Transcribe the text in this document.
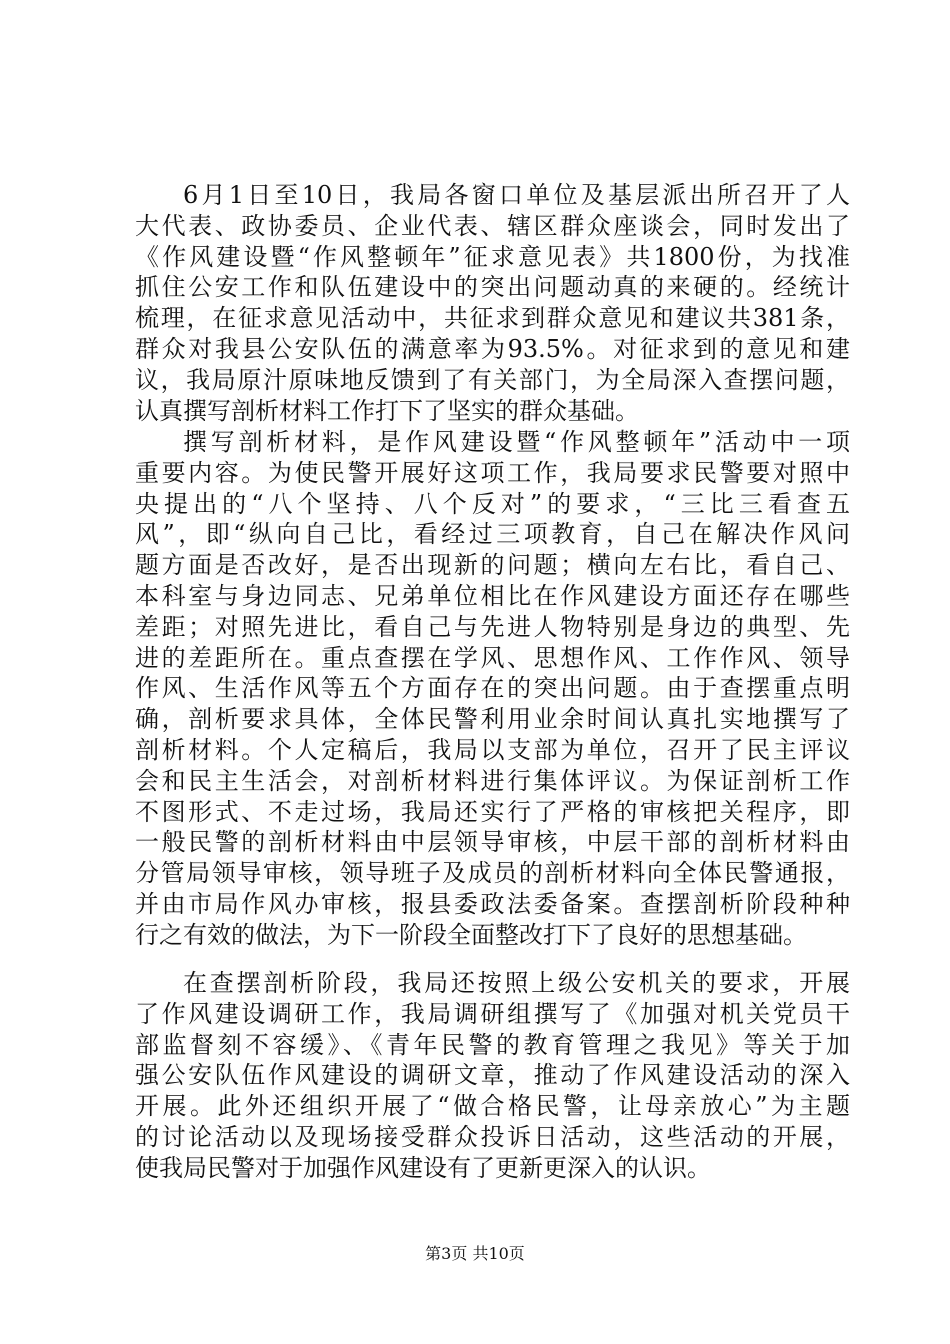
6月1日至10日，我局各窗口单位及基层派出所召开了人
大代表、政协委员、企业代表、辖区群众座谈会，同时发出了
《作风建设暨“作风整顿年”征求意见表》共1800份，为找准
抓住公安工作和队伍建设中的突出问题动真的来硬的。经统计
梳理，在征求意见活动中，共征求到群众意见和建议共381条，
群众对我县公安队伍的满意率为93.5%。对征求到的意见和建
议，我局原汁原味地反馈到了有关部门，为全局深入查摆问题，
认真撰写剖析材料工作打下了坚实的群众基础。
撰写剖析材料，是作风建设暨“作风整顿年”活动中一项
重要内容。为使民警开展好这项工作，我局要求民警要对照中
央提出的“八个坚持、八个反对”的要求，“三比三看查五
风”，即“纵向自己比，看经过三项教育，自己在解决作风问
题方面是否改好，是否出现新的问题；横向左右比，看自己、
本科室与身边同志、兄弟单位相比在作风建设方面还存在哪些
差距；对照先进比，看自己与先进人物特别是身边的典型、先
进的差距所在。重点查摆在学风、思想作风、工作作风、领导
作风、生活作风等五个方面存在的突出问题。由于查摆重点明
确，剖析要求具体，全体民警利用业余时间认真扎实地撰写了
剖析材料。个人定稿后，我局以支部为单位，召开了民主评议
会和民主生活会，对剖析材料进行集体评议。为保证剖析工作
不图形式、不走过场，我局还实行了严格的审核把关程序，即
一般民警的剖析材料由中层领导审核，中层干部的剖析材料由
分管局领导审核，领导班子及成员的剖析材料向全体民警通报，
并由市局作风办审核，报县委政法委备案。查摆剖析阶段种种
行之有效的做法，为下一阶段全面整改打下了良好的思想基础。
在查摆剖析阶段，我局还按照上级公安机关的要求，开展
了作风建设调研工作，我局调研组撰写了《加强对机关党员干
部监督刻不容缓》、《青年民警的教育管理之我见》等关于加
强公安队伍作风建设的调研文章，推动了作风建设活动的深入
开展。此外还组织开展了“做合格民警，让母亲放心”为主题
的讨论活动以及现场接受群众投诉日活动，这些活动的开展，
使我局民警对于加强作风建设有了更新更深入的认识。
第3页 共10页
